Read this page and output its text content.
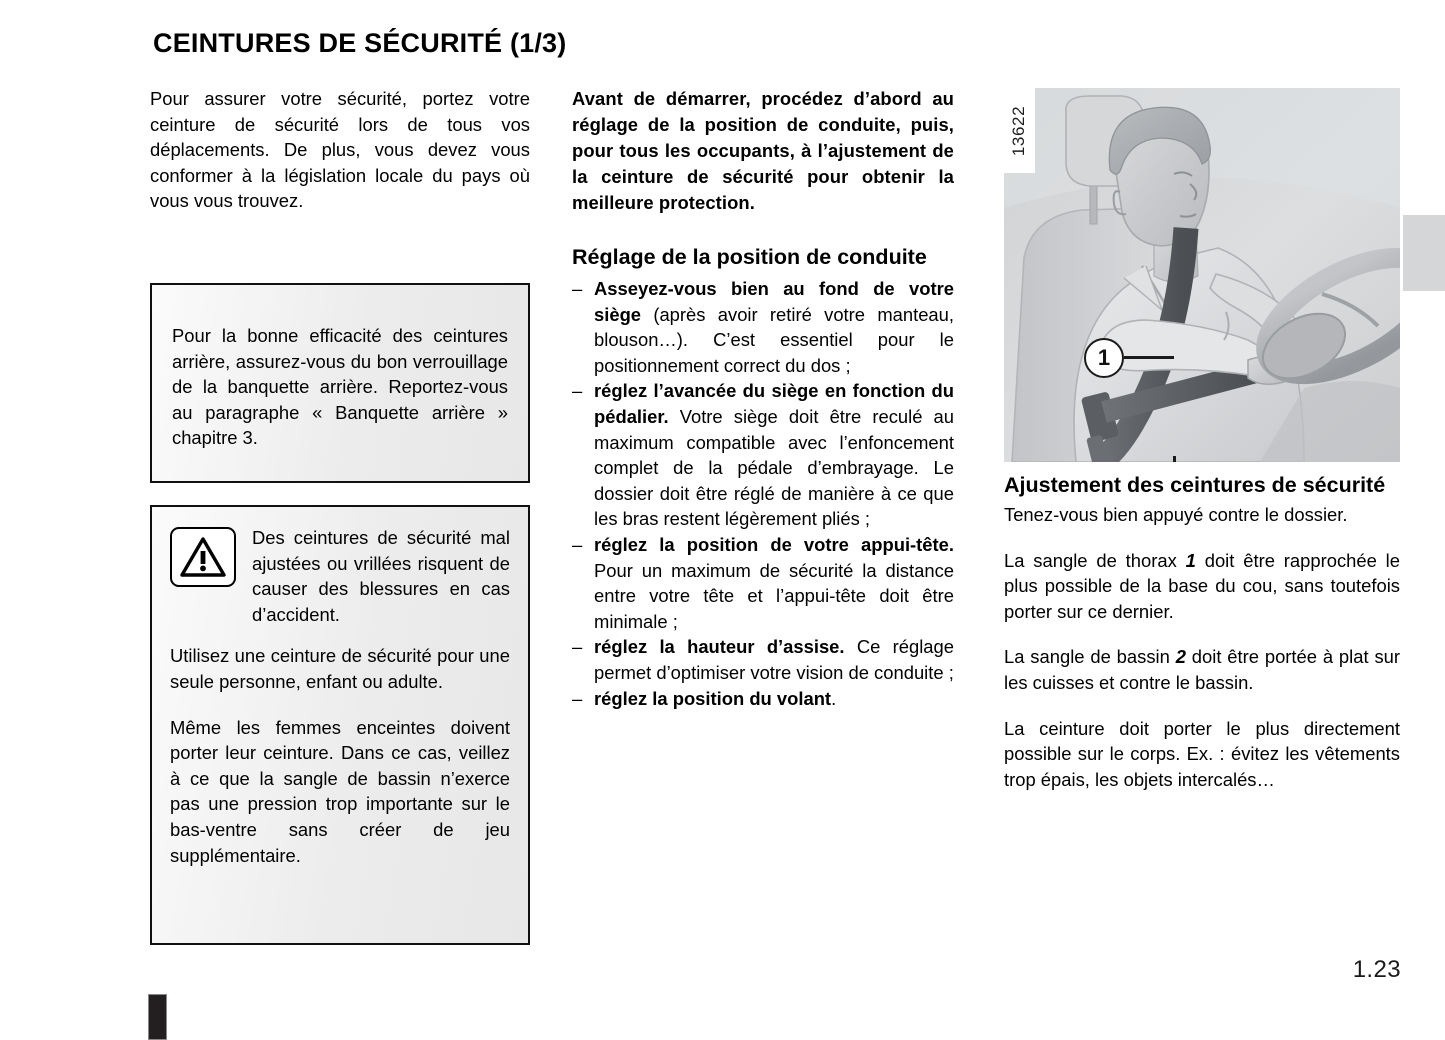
CEINTURES DE SÉCURITÉ (1/3)

Pour assurer votre sécurité, portez votre ceinture de sécurité lors de tous vos déplacements. De plus, vous devez vous conformer à la législation locale du pays où vous vous trouvez.

Pour la bonne efficacité des ceintures arrière, assurez-vous du bon verrouillage de la banquette arrière. Reportez-vous au paragraphe « Banquette arrière » chapitre 3.

Des ceintures de sécurité mal ajustées ou vrillées risquent de causer des blessures en cas d’accident.

Utilisez une ceinture de sécurité pour une seule personne, enfant ou adulte.

Même les femmes enceintes doivent porter leur ceinture. Dans ce cas, veillez à ce que la sangle de bassin n’exerce pas une pression trop importante sur le bas-ventre sans créer de jeu supplémentaire.

Avant de démarrer, procédez d’abord au réglage de la position de conduite, puis, pour tous les occupants, à l’ajustement de la ceinture de sécurité pour obtenir la meilleure protection.

Réglage de la position de conduite
– Asseyez-vous bien au fond de votre siège (après avoir retiré votre manteau, blouson…). C’est essentiel pour le positionnement correct du dos ;
– réglez l’avancée du siège en fonction du pédalier. Votre siège doit être reculé au maximum compatible avec l’enfoncement complet de la pédale d’embrayage. Le dossier doit être réglé de manière à ce que les bras restent légèrement pliés ;
– réglez la position de votre appui-tête. Pour un maximum de sécurité la distance entre votre tête et l’appui-tête doit être minimale ;
– réglez la hauteur d’assise. Ce réglage permet d’optimiser votre vision de conduite ;
– réglez la position du volant.
13622
1
Ajustement des ceintures de sécurité

Tenez-vous bien appuyé contre le dossier.

La sangle de thorax 1 doit être rapprochée le plus possible de la base du cou, sans toutefois porter sur ce dernier.

La sangle de bassin 2 doit être portée à plat sur les cuisses et contre le bassin.

La ceinture doit porter le plus directement possible sur le corps. Ex. : évitez les vêtements trop épais, les objets intercalés…

1.23
